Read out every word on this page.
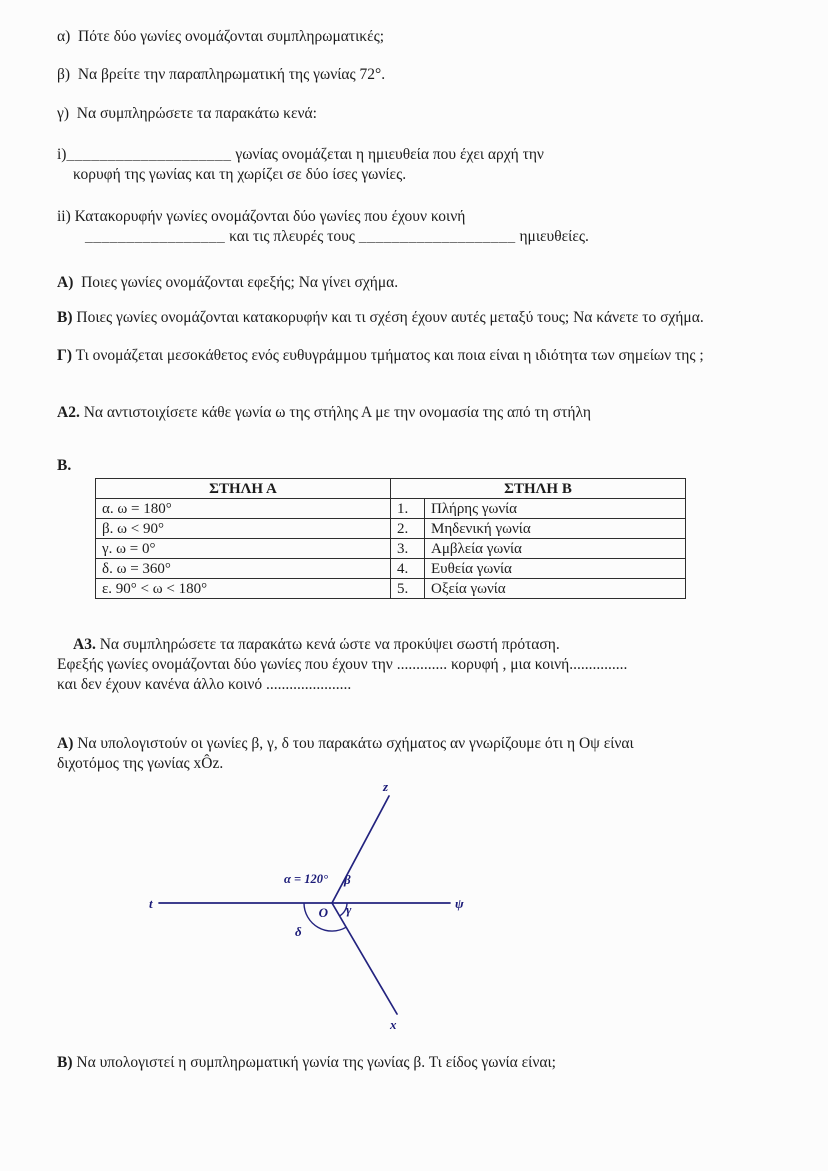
α) Πότε δύο γωνίες ονομάζονται συμπληρωματικές;

β) Να βρείτε την παραπληρωματική της γωνίας 72°.

γ) Να συμπληρώσετε τα παρακάτω κενά:

i)____________________ γωνίας ονομάζεται η ημιευθεία που έχει αρχή την

κορυφή της γωνίας και τη χωρίζει σε δύο ίσες γωνίες.

ii) Κατακορυφήν γωνίες ονομάζονται δύο γωνίες που έχουν κοινή

_________________ και τις πλευρές τους ___________________ ημιευθείες.

Α) Ποιες γωνίες ονομάζονται εφεξής; Να γίνει σχήμα.

Β) Ποιες γωνίες ονομάζονται κατακορυφήν και τι σχέση έχουν αυτές μεταξύ τους; Να κάνετε το σχήμα.

Γ) Τι ονομάζεται μεσοκάθετος ενός ευθυγράμμου τμήματος και ποια είναι η ιδιότητα των σημείων της ;

Α2. Να αντιστοιχίσετε κάθε γωνία ω της στήλης Α με την ονομασία της από τη στήλη

Β.

ΣΤΗΛΗ Α	ΣΤΗΛΗ Β	
α. ω = 180°	1.	Πλήρης γωνία
β. ω < 90°	2.	Μηδενική γωνία
γ. ω = 0°	3.	Αμβλεία γωνία
δ. ω = 360°	4.	Ευθεία γωνία
ε. 90° < ω < 180°	5.	Οξεία γωνία

Α3. Να συμπληρώσετε τα παρακάτω κενά ώστε να προκύψει σωστή πρόταση.

Εφεξής γωνίες ονομάζονται δύο γωνίες που έχουν την ............. κορυφή , μια κοινή...............

και δεν έχουν κανένα άλλο κοινό ......................

Α) Να υπολογιστούν οι γωνίες β, γ, δ του παρακάτω σχήματος αν γνωρίζουμε ότι η Οψ είναι

διχοτόμος της γωνίας xÔz.

z
t	ψ
x
α = 120° β
O γ
δ

Β) Να υπολογιστεί η συμπληρωματική γωνία της γωνίας β. Τι είδος γωνία είναι;
